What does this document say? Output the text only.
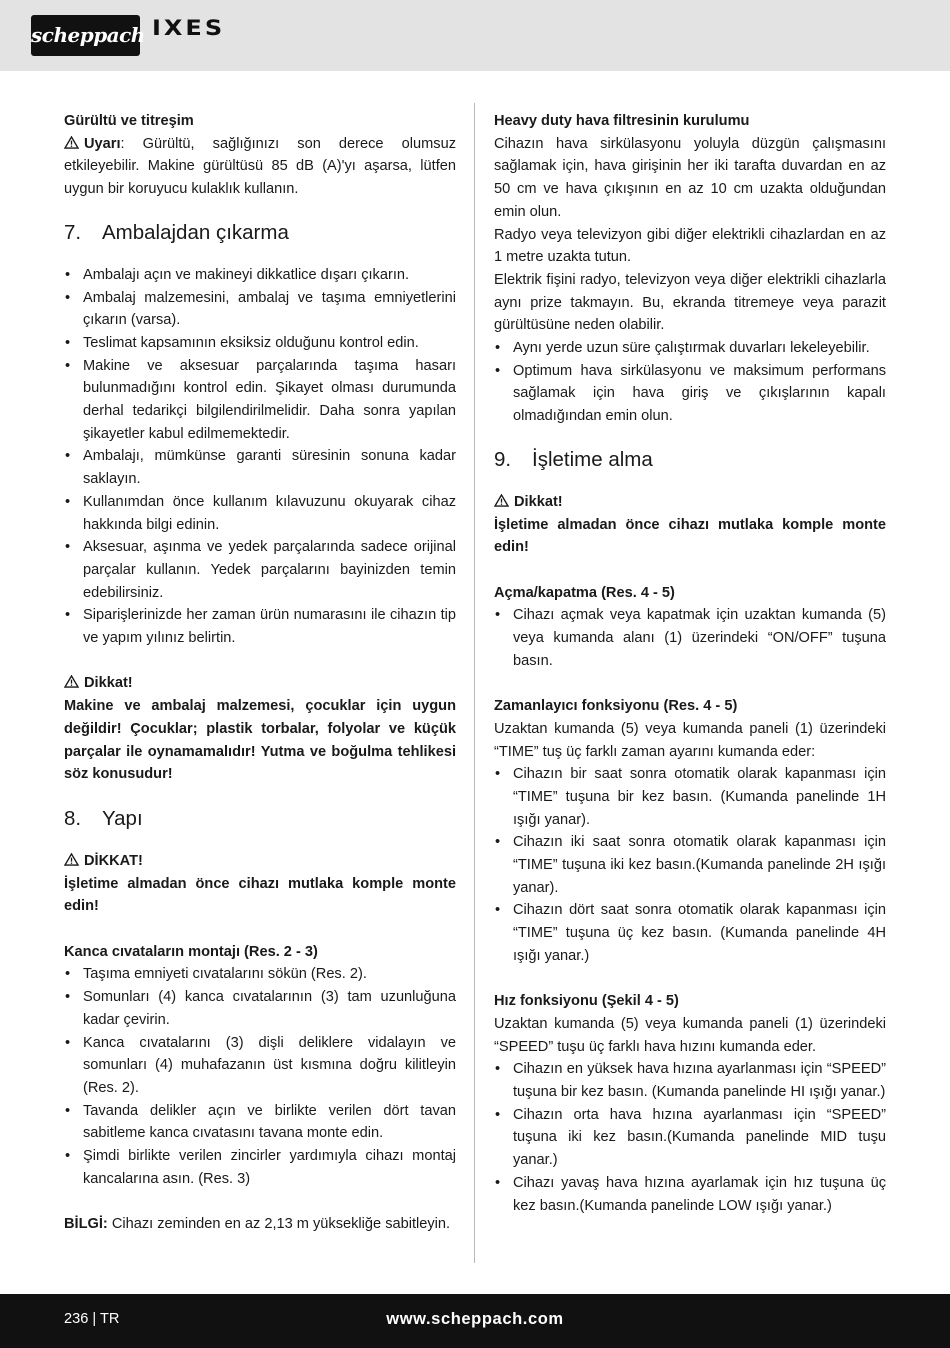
scheppach IXES

Gürültü ve titreşim

Uyarı: Gürültü, sağlığınızı son derece olumsuz etkileyebilir. Makine gürültüsü 85 dB (A)'yı aşarsa, lütfen uygun bir koruyucu kulaklık kullanın.

7.	Ambalajdan çıkarma
• Ambalajı açın ve makineyi dikkatlice dışarı çıkarın.
• Ambalaj malzemesini, ambalaj ve taşıma emniyetlerini çıkarın (varsa).
• Teslimat kapsamının eksiksiz olduğunu kontrol edin.
• Makine ve aksesuar parçalarında taşıma hasarı bulunmadığını kontrol edin. Şikayet olması durumunda derhal tedarikçi bilgilendirilmelidir. Daha sonra yapılan şikayetler kabul edilmemektedir.
• Ambalajı, mümkünse garanti süresinin sonuna kadar saklayın.
• Kullanımdan önce kullanım kılavuzunu okuyarak cihaz hakkında bilgi edinin.
• Aksesuar, aşınma ve yedek parçalarında sadece orijinal parçalar kullanın. Yedek parçalarını bayinizden temin edebilirsiniz.
• Siparişlerinizde her zaman ürün numarasını ile cihazın tip ve yapım yılınız belirtin.

Dikkat!

Makine ve ambalaj malzemesi, çocuklar için uygun değildir! Çocuklar; plastik torbalar, folyolar ve küçük parçalar ile oynamamalıdır! Yutma ve boğulma tehlikesi söz konusudur!

8.	Yapı

DİKKAT!

İşletime almadan önce cihazı mutlaka komple monte edin!

Kanca cıvataların montajı (Res. 2 - 3)

• Taşıma emniyeti cıvatalarını sökün (Res. 2).
• Somunları (4) kanca cıvatalarının (3) tam uzunluğuna kadar çevirin.
• Kanca cıvatalarını (3) dişli deliklere vidalayın ve somunları (4) muhafazanın üst kısmına doğru kilitleyin (Res. 2).
• Tavanda delikler açın ve birlikte verilen dört tavan sabitleme kanca cıvatasını tavana monte edin.
• Şimdi birlikte verilen zincirler yardımıyla cihazı montaj kancalarına asın. (Res. 3)

BİLGİ: Cihazı zeminden en az 2,13 m yüksekliğe sabitleyin.

Heavy duty hava filtresinin kurulumu

Cihazın hava sirkülasyonu yoluyla düzgün çalışmasını sağlamak için, hava girişinin her iki tarafta duvardan en az 50 cm ve hava çıkışının en az 10 cm uzakta olduğundan emin olun.

Radyo veya televizyon gibi diğer elektrikli cihazlardan en az 1 metre uzakta tutun.

Elektrik fişini radyo, televizyon veya diğer elektrikli cihazlarla aynı prize takmayın. Bu, ekranda titremeye veya parazit gürültüsüne neden olabilir.

• Aynı yerde uzun süre çalıştırmak duvarları lekeleyebilir.
• Optimum hava sirkülasyonu ve maksimum performans sağlamak için hava giriş ve çıkışlarının kapalı olmadığından emin olun.
9.	İşletime alma

Dikkat!

İşletime almadan önce cihazı mutlaka komple monte edin!

Açma/kapatma (Res. 4 - 5)

• Cihazı açmak veya kapatmak için uzaktan kumanda (5) veya kumanda alanı (1) üzerindeki “ON/OFF” tuşuna basın.

Zamanlayıcı fonksiyonu (Res. 4 - 5)

Uzaktan kumanda (5) veya kumanda paneli (1) üzerindeki “TIME” tuş üç farklı zaman ayarını kumanda eder:

• Cihazın bir saat sonra otomatik olarak kapanması için “TIME” tuşuna bir kez basın. (Kumanda panelinde 1H ışığı yanar).
• Cihazın iki saat sonra otomatik olarak kapanması için “TIME” tuşuna iki kez basın.(Kumanda panelinde 2H ışığı yanar).
• Cihazın dört saat sonra otomatik olarak kapanması için “TIME” tuşuna üç kez basın. (Kumanda panelinde 4H ışığı yanar.)

Hız fonksiyonu (Şekil 4 - 5)

Uzaktan kumanda (5) veya kumanda paneli (1) üzerindeki “SPEED” tuşu üç farklı hava hızını kumanda eder.

• Cihazın en yüksek hava hızına ayarlanması için “SPEED” tuşuna bir kez basın. (Kumanda panelinde HI ışığı yanar.)
• Cihazın orta hava hızına ayarlanması için “SPEED” tuşuna iki kez basın.(Kumanda panelinde MID tuşu yanar.)
• Cihazı yavaş hava hızına ayarlamak için hız tuşuna üç kez basın.(Kumanda panelinde LOW ışığı yanar.)
www.scheppach.com
236 | TR
